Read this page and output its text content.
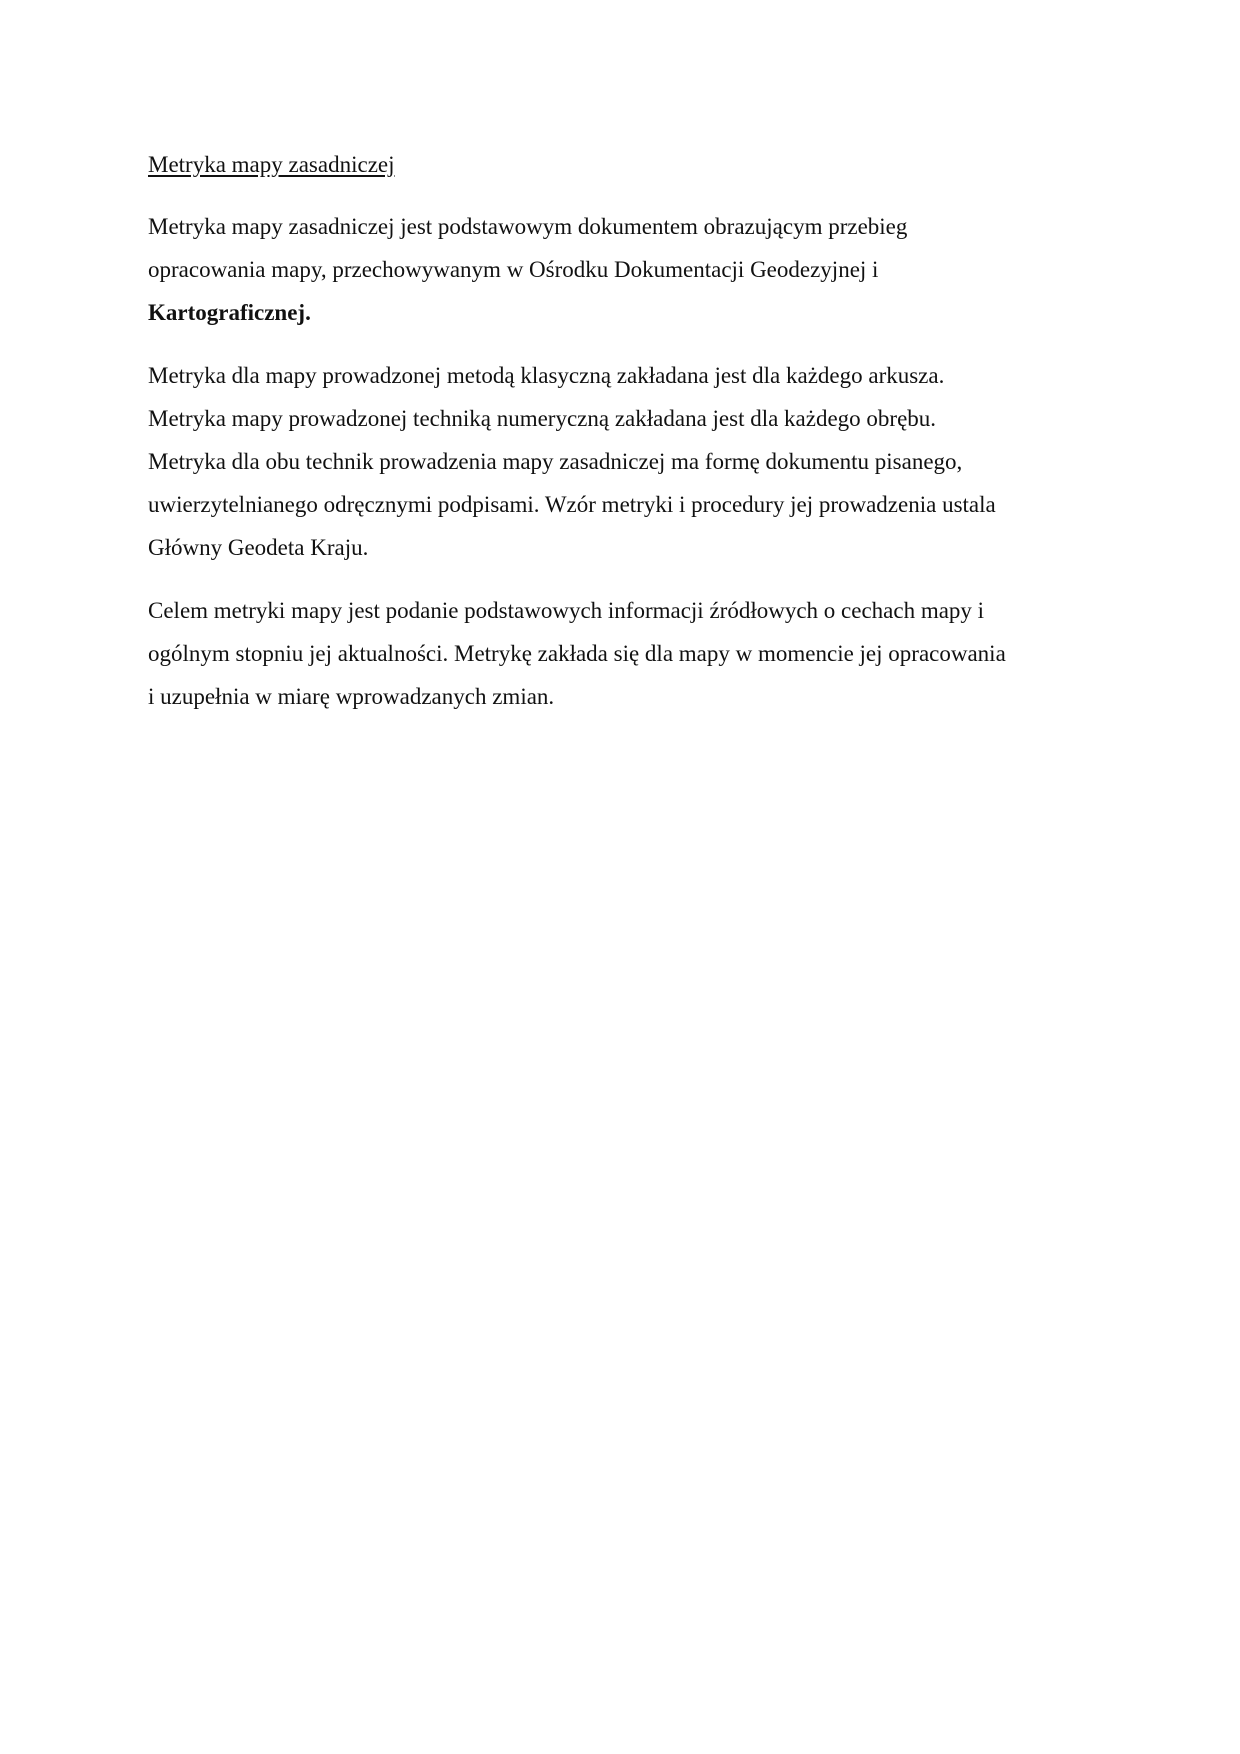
Metryka mapy zasadniczej

Metryka mapy zasadniczej jest podstawowym dokumentem obrazującym przebieg
opracowania mapy, przechowywanym w Ośrodku Dokumentacji Geodezyjnej i
Kartograficznej.

Metryka dla mapy prowadzonej metodą klasyczną zakładana jest dla każdego arkusza.
Metryka mapy prowadzonej techniką numeryczną zakładana jest dla każdego obrębu.
Metryka dla obu technik prowadzenia mapy zasadniczej ma formę dokumentu pisanego,
uwierzytelnianego odręcznymi podpisami. Wzór metryki i procedury jej prowadzenia ustala
Główny Geodeta Kraju.

Celem metryki mapy jest podanie podstawowych informacji źródłowych o cechach mapy i
ogólnym stopniu jej aktualności. Metrykę zakłada się dla mapy w momencie jej opracowania
i uzupełnia w miarę wprowadzanych zmian.
